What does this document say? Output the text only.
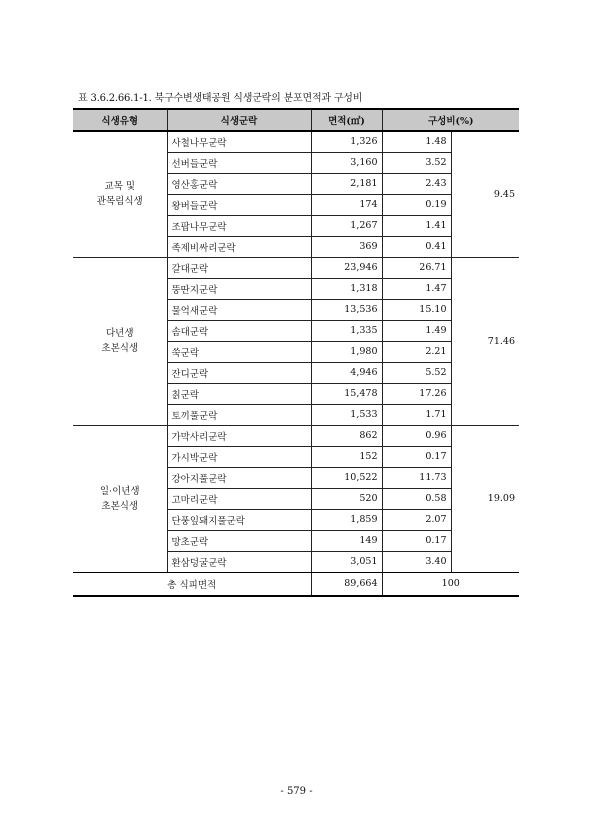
표 3.6.2.66.1-1. 북구수변생태공원 식생군락의 분포면적과 구성비
식생유형	식생군락	면적(㎡)	구성비(%)	

교목 및
관목림식생	사철나무군락	1,326	1.48	9.45
	선버들군락	3,160	3.52	
	영산홍군락	2,181	2.43	
	왕버들군락	174	0.19	
	조팝나무군락	1,267	1.41	
	족제비싸리군락	369	0.41	

다년생
초본식생	갈대군락	23,946	26.71	71.46
	뚱딴지군락	1,318	1.47	
	물억새군락	13,536	15.10	
	솜대군락	1,335	1.49	
	쑥군락	1,980	2.21	
	잔디군락	4,946	5.52	
	칡군락	15,478	17.26	
	토끼풀군락	1,533	1.71	

일·이년생
초본식생	가막사리군락	862	0.96	19.09
	가시박군락	152	0.17	
	강아지풀군락	10,522	11.73	
	고마리군락	520	0.58	
	단풍잎돼지풀군락	1,859	2.07	
	망초군락	149	0.17	
	환삼덩굴군락	3,051	3.40	
총 식피면적		89,664	100	
- 579 -
